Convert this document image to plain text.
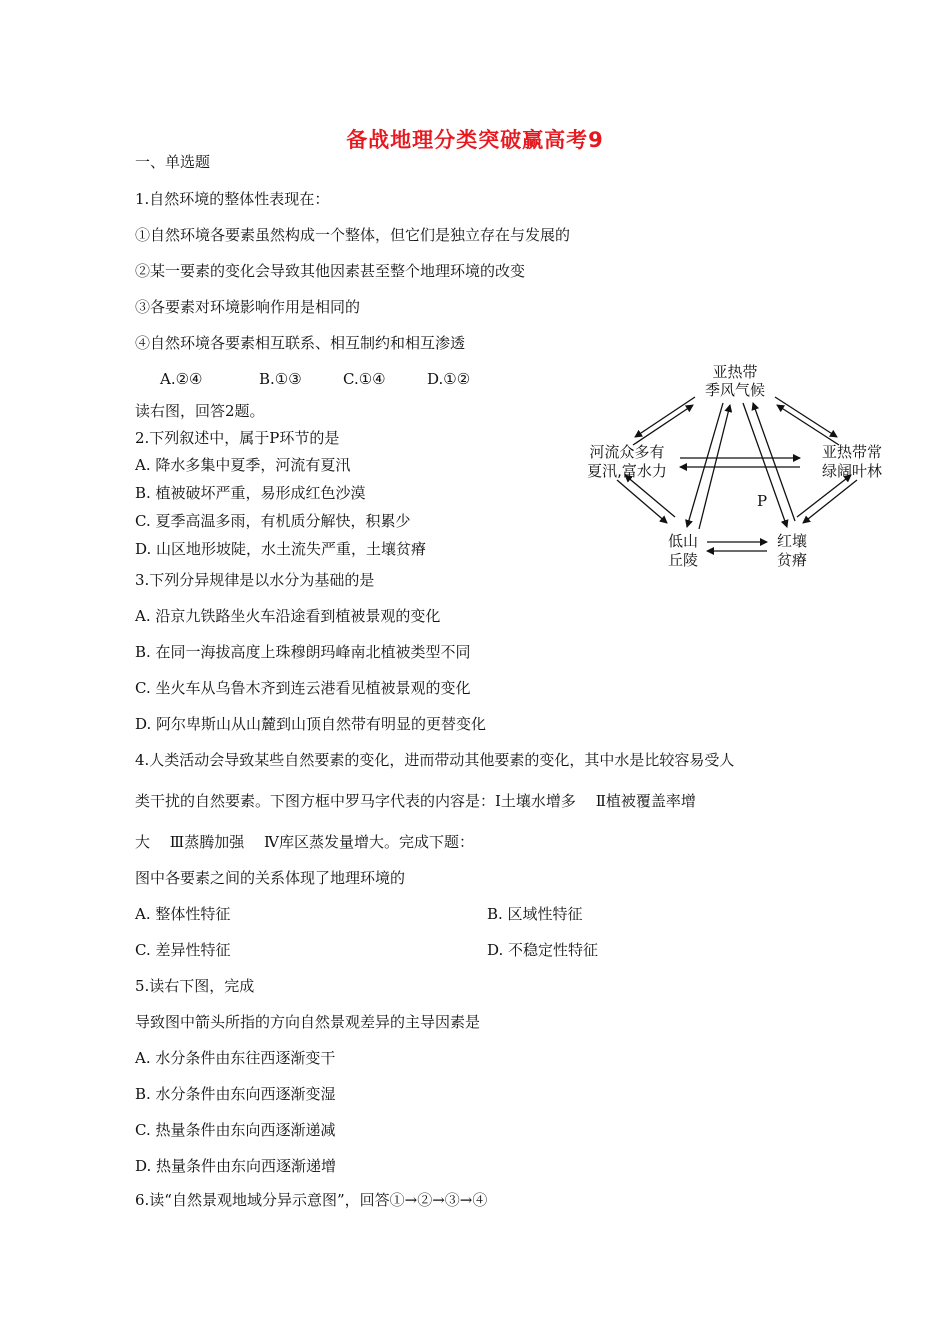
备战地理分类突破赢高考9
一、单选题
1.自然环境的整体性表现在：
①自然环境各要素虽然构成一个整体，但它们是独立存在与发展的
②某一要素的变化会导致其他因素甚至整个地理环境的改变
③各要素对环境影响作用是相同的
④自然环境各要素相互联系、相互制约和相互渗透
A.②④	B.①③	C.①④	D.①②
读右图，回答2题。
2.下列叙述中，属于P环节的是
A. 降水多集中夏季，河流有夏汛
B. 植被破坏严重，易形成红色沙漠
C. 夏季高温多雨，有机质分解快，积累少
D. 山区地形坡陡，水土流失严重，土壤贫瘠
亚热带
季风气候
河流众多有
夏汛,富水力
亚热带常
绿阔叶林
低山
丘陵
红壤
贫瘠
P
3.下列分异规律是以水分为基础的是
A. 沿京九铁路坐火车沿途看到植被景观的变化
B. 在同一海拔高度上珠穆朗玛峰南北植被类型不同
C. 坐火车从乌鲁木齐到连云港看见植被景观的变化
D. 阿尔卑斯山从山麓到山顶自然带有明显的更替变化
4.人类活动会导致某些自然要素的变化，进而带动其他要素的变化，其中水是比较容易受人
类干扰的自然要素。下图方框中罗马字代表的内容是：Ⅰ土壤水增多　 Ⅱ植被覆盖率增
大　 Ⅲ蒸腾加强　 Ⅳ库区蒸发量增大。完成下题：
图中各要素之间的关系体现了地理环境的
A. 整体性特征	B. 区域性特征
C. 差异性特征	D. 不稳定性特征
5.读右下图，完成
导致图中箭头所指的方向自然景观差异的主导因素是
A. 水分条件由东往西逐渐变干
B. 水分条件由东向西逐渐变湿
C. 热量条件由东向西逐渐递减
D. 热量条件由东向西逐渐递增
6.读“自然景观地域分异示意图”，回答①→②→③→④
